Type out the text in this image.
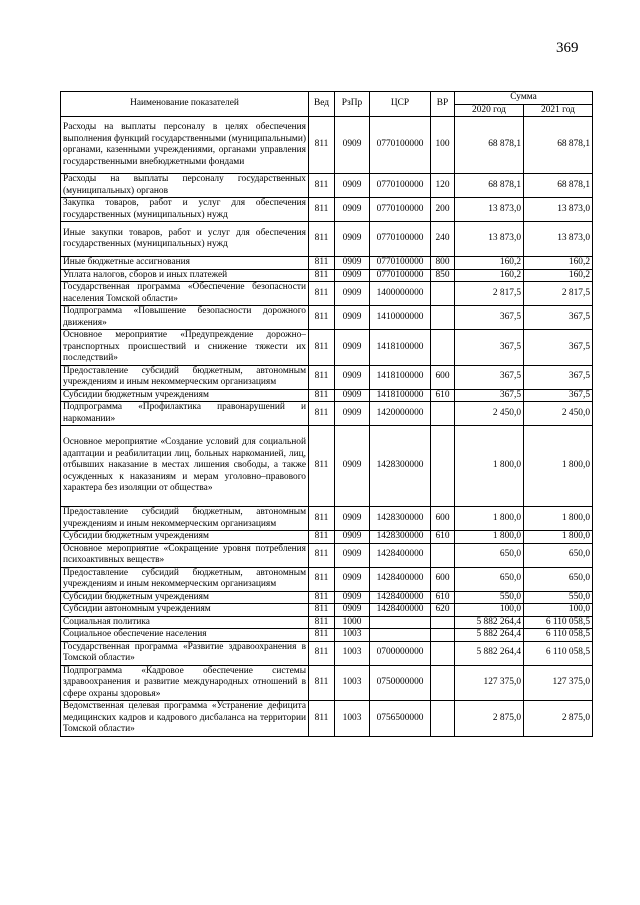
369
Наименование показателей	Вед	РзПр	ЦСР	ВР	Сумма	
					2020 год	2021 год
Расходы на выплаты персоналу в целях обеспечения выполнения функций государственными (муниципальными) органами, казенными учреждениями, органами управления государственными внебюджетными фондами	811	0909	0770100000	100	68 878,1	68 878,1
Расходы на выплаты персоналу государственных (муниципальных) органов	811	0909	0770100000	120	68 878,1	68 878,1
Закупка товаров, работ и услуг для обеспечения государственных (муниципальных) нужд	811	0909	0770100000	200	13 873,0	13 873,0
Иные закупки товаров, работ и услуг для обеспечения государственных (муниципальных) нужд	811	0909	0770100000	240	13 873,0	13 873,0
Иные бюджетные ассигнования	811	0909	0770100000	800	160,2	160,2
Уплата налогов, сборов и иных платежей	811	0909	0770100000	850	160,2	160,2
Государственная программа «Обеспечение безопасности населения Томской области»	811	0909	1400000000		2 817,5	2 817,5
Подпрограмма «Повышение безопасности дорожного движения»	811	0909	1410000000		367,5	367,5
Основное мероприятие «Предупреждение дорожно–транспортных происшествий и снижение тяжести их последствий»	811	0909	1418100000		367,5	367,5
Предоставление субсидий бюджетным, автономным учреждениям и иным некоммерческим организациям	811	0909	1418100000	600	367,5	367,5
Субсидии бюджетным учреждениям	811	0909	1418100000	610	367,5	367,5
Подпрограмма «Профилактика правонарушений и наркомании»	811	0909	1420000000		2 450,0	2 450,0
Основное мероприятие «Создание условий для социальной адаптации и реабилитации лиц, больных наркоманией, лиц, отбывших наказание в местах лишения свободы, а также осужденных к наказаниям и мерам уголовно–правового характера без изоляции от общества»	811	0909	1428300000		1 800,0	1 800,0
Предоставление субсидий бюджетным, автономным учреждениям и иным некоммерческим организациям	811	0909	1428300000	600	1 800,0	1 800,0
Субсидии бюджетным учреждениям	811	0909	1428300000	610	1 800,0	1 800,0
Основное мероприятие «Сокращение уровня потребления психоактивных веществ»	811	0909	1428400000		650,0	650,0
Предоставление субсидий бюджетным, автономным учреждениям и иным некоммерческим организациям	811	0909	1428400000	600	650,0	650,0
Субсидии бюджетным учреждениям	811	0909	1428400000	610	550,0	550,0
Субсидии автономным учреждениям	811	0909	1428400000	620	100,0	100,0
Социальная политика	811	1000			5 882 264,4	6 110 058,5
Социальное обеспечение населения	811	1003			5 882 264,4	6 110 058,5
Государственная программа «Развитие здравоохранения в Томской области»	811	1003	0700000000		5 882 264,4	6 110 058,5
Подпрограмма «Кадровое обеспечение системы здравоохранения и развитие международных отношений в сфере охраны здоровья»	811	1003	0750000000		127 375,0	127 375,0
Ведомственная целевая программа «Устранение дефицита медицинских кадров и кадрового дисбаланса на территории Томской области»	811	1003	0756500000		2 875,0	2 875,0
